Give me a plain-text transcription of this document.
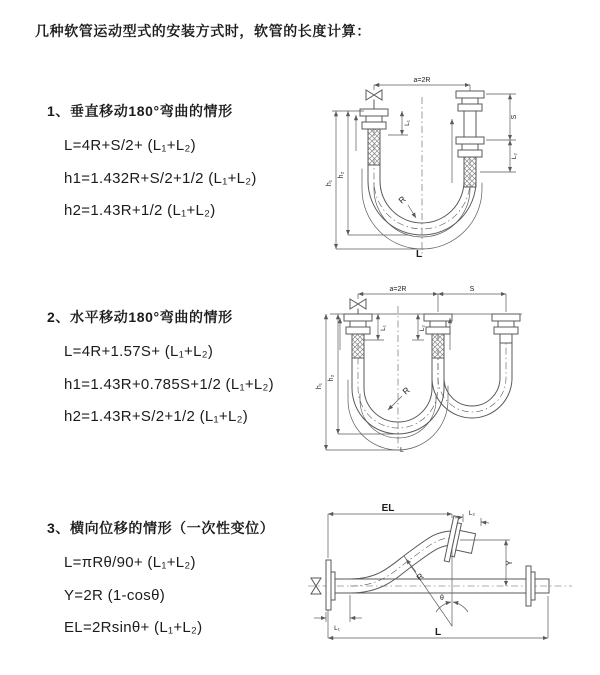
几种软管运动型式的安装方式时，软管的长度计算：
1、垂直移动180°弯曲的情形
L=4R+S/2+ (L₁+L₂)
h1=1.432R+S/2+1/2 (L₁+L₂)
h2=1.43R+1/2 (L₁+L₂)
2、水平移动180°弯曲的情形
L=4R+1.57S+ (L₁+L₂)
h1=1.43R+0.785S+1/2 (L₁+L₂)
h2=1.43R+S/2+1/2 (L₁+L₂)
3、横向位移的情形（一次性变位）
L=πRθ/90+ (L₁+L₂)
Y=2R (1-cosθ)
EL=2Rsinθ+ (L₁+L₂)
a=2R
h₁
h₂
L₁
S
L₂
R
L
a=2R	S
h₁
h₂
L₁	L₂
R
L
EL	L₂
Y
L
L₁
θ
R
